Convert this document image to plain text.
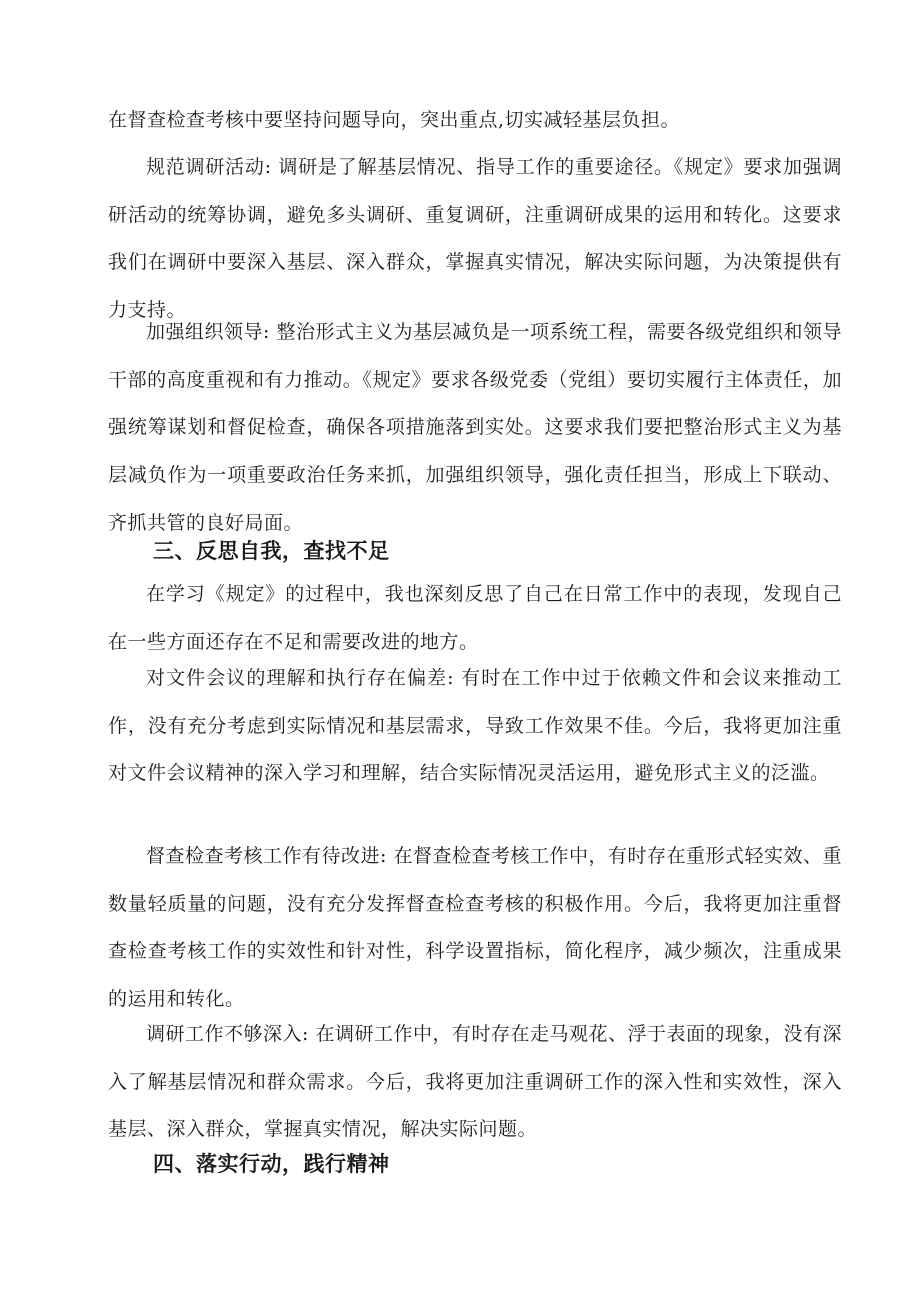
在督查检查考核中要坚持问题导向，突出重点,切实减轻基层负担。

规范调研活动: 调研是了解基层情况、指导工作的重要途径。《规定》要求加强调研活动的统筹协调，避免多头调研、重复调研，注重调研成果的运用和转化。这要求我们在调研中要深入基层、深入群众，掌握真实情况，解决实际问题，为决策提供有力支持。

加强组织领导: 整治形式主义为基层减负是一项系统工程，需要各级党组织和领导干部的高度重视和有力推动。《规定》要求各级党委（党组）要切实履行主体责任，加强统筹谋划和督促检查，确保各项措施落到实处。这要求我们要把整治形式主义为基层减负作为一项重要政治任务来抓，加强组织领导，强化责任担当，形成上下联动、齐抓共管的良好局面。

三、反思自我，查找不足

在学习《规定》的过程中，我也深刻反思了自己在日常工作中的表现，发现自己在一些方面还存在不足和需要改进的地方。

对文件会议的理解和执行存在偏差: 有时在工作中过于依赖文件和会议来推动工作，没有充分考虑到实际情况和基层需求，导致工作效果不佳。今后，我将更加注重对文件会议精神的深入学习和理解，结合实际情况灵活运用，避免形式主义的泛滥。

督查检查考核工作有待改进: 在督查检查考核工作中，有时存在重形式轻实效、重数量轻质量的问题，没有充分发挥督查检查考核的积极作用。今后，我将更加注重督查检查考核工作的实效性和针对性，科学设置指标，简化程序，减少频次，注重成果的运用和转化。

调研工作不够深入: 在调研工作中，有时存在走马观花、浮于表面的现象，没有深入了解基层情况和群众需求。今后，我将更加注重调研工作的深入性和实效性，深入基层、深入群众，掌握真实情况，解决实际问题。

四、落实行动，践行精神
